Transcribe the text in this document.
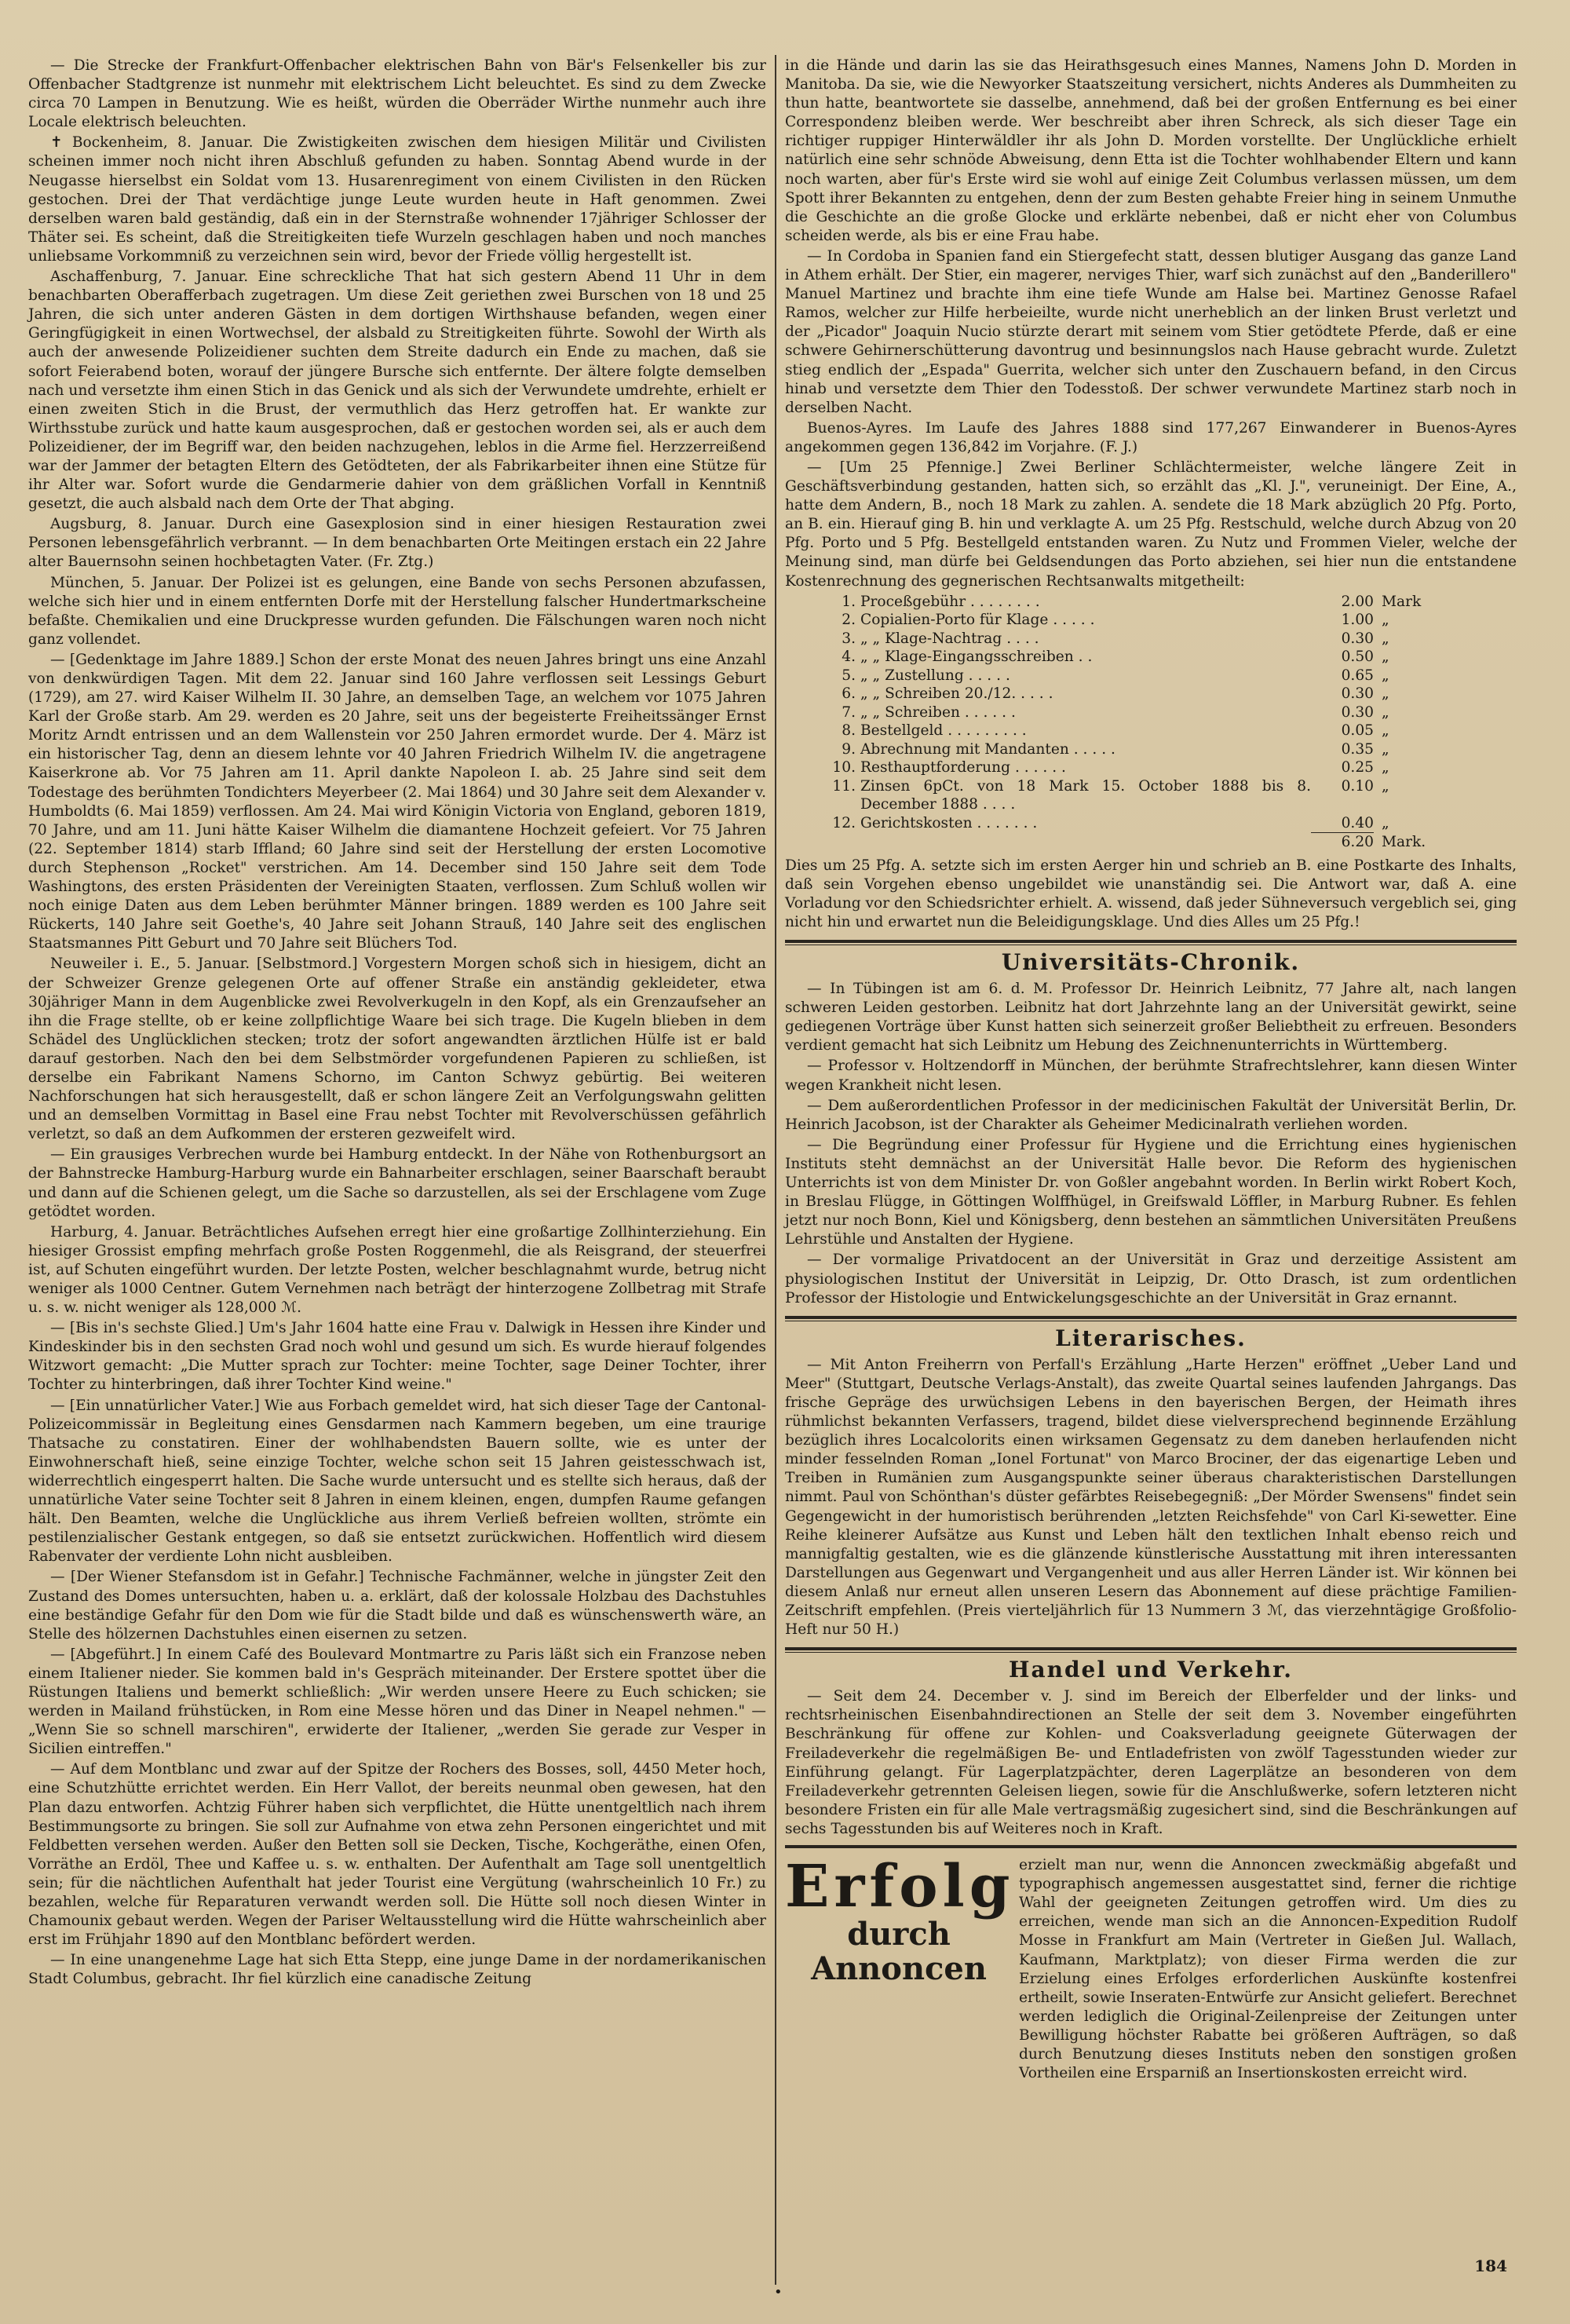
— Die Strecke der Frankfurt-Offenbacher elektrischen Bahn von Bär's Felsenkeller bis zur Offenbacher Stadtgrenze ist nunmehr mit elektrischem Licht beleuchtet. Es sind zu dem Zwecke circa 70 Lampen in Benutzung. Wie es heißt, würden die Oberräder Wirthe nunmehr auch ihre Locale elektrisch beleuchten.

✝ Bockenheim, 8. Januar. Die Zwistigkeiten zwischen dem hiesigen Militär und Civilisten scheinen immer noch nicht ihren Abschluß gefunden zu haben. Sonntag Abend wurde in der Neugasse hierselbst ein Soldat vom 13. Husarenregiment von einem Civilisten in den Rücken gestochen. Drei der That verdächtige junge Leute wurden heute in Haft genommen. Zwei derselben waren bald geständig, daß ein in der Sternstraße wohnender 17jähriger Schlosser der Thäter sei. Es scheint, daß die Streitigkeiten tiefe Wurzeln geschlagen haben und noch manches unliebsame Vorkommniß zu verzeichnen sein wird, bevor der Friede völlig hergestellt ist.

Aschaffenburg, 7. Januar. Eine schreckliche That hat sich gestern Abend 11 Uhr in dem benachbarten Oberafferbach zugetragen. Um diese Zeit geriethen zwei Burschen von 18 und 25 Jahren, die sich unter anderen Gästen in dem dortigen Wirthshause befanden, wegen einer Geringfügigkeit in einen Wortwechsel, der alsbald zu Streitigkeiten führte. Sowohl der Wirth als auch der anwesende Polizeidiener suchten dem Streite dadurch ein Ende zu machen, daß sie sofort Feierabend boten, worauf der jüngere Bursche sich entfernte. Der ältere folgte demselben nach und versetzte ihm einen Stich in das Genick und als sich der Verwundete umdrehte, erhielt er einen zweiten Stich in die Brust, der vermuthlich das Herz getroffen hat. Er wankte zur Wirthsstube zurück und hatte kaum ausgesprochen, daß er gestochen worden sei, als er auch dem Polizeidiener, der im Begriff war, den beiden nachzugehen, leblos in die Arme fiel. Herzzerreißend war der Jammer der betagten Eltern des Getödteten, der als Fabrikarbeiter ihnen eine Stütze für ihr Alter war. Sofort wurde die Gendarmerie dahier von dem gräßlichen Vorfall in Kenntniß gesetzt, die auch alsbald nach dem Orte der That abging.

Augsburg, 8. Januar. Durch eine Gasexplosion sind in einer hiesigen Restauration zwei Personen lebensgefährlich verbrannt. — In dem benachbarten Orte Meitingen erstach ein 22 Jahre alter Bauernsohn seinen hochbetagten Vater. (Fr. Ztg.)

München, 5. Januar. Der Polizei ist es gelungen, eine Bande von sechs Personen abzufassen, welche sich hier und in einem entfernten Dorfe mit der Herstellung falscher Hundertmarkscheine befaßte. Chemikalien und eine Druckpresse wurden gefunden. Die Fälschungen waren noch nicht ganz vollendet.

— [Gedenktage im Jahre 1889.] Schon der erste Monat des neuen Jahres bringt uns eine Anzahl von denkwürdigen Tagen. Mit dem 22. Januar sind 160 Jahre verflossen seit Lessings Geburt (1729), am 27. wird Kaiser Wilhelm II. 30 Jahre, an demselben Tage, an welchem vor 1075 Jahren Karl der Große starb. Am 29. werden es 20 Jahre, seit uns der begeisterte Freiheitssänger Ernst Moritz Arndt entrissen und an dem Wallenstein vor 250 Jahren ermordet wurde. Der 4. März ist ein historischer Tag, denn an diesem lehnte vor 40 Jahren Friedrich Wilhelm IV. die angetragene Kaiserkrone ab. Vor 75 Jahren am 11. April dankte Napoleon I. ab. 25 Jahre sind seit dem Todestage des berühmten Tondichters Meyerbeer (2. Mai 1864) und 30 Jahre seit dem Alexander v. Humboldts (6. Mai 1859) verflossen. Am 24. Mai wird Königin Victoria von England, geboren 1819, 70 Jahre, und am 11. Juni hätte Kaiser Wilhelm die diamantene Hochzeit gefeiert. Vor 75 Jahren (22. September 1814) starb Iffland; 60 Jahre sind seit der Herstellung der ersten Locomotive durch Stephenson „Rocket" verstrichen. Am 14. December sind 150 Jahre seit dem Tode Washingtons, des ersten Präsidenten der Vereinigten Staaten, verflossen. Zum Schluß wollen wir noch einige Daten aus dem Leben berühmter Männer bringen. 1889 werden es 100 Jahre seit Rückerts, 140 Jahre seit Goethe's, 40 Jahre seit Johann Strauß, 140 Jahre seit des englischen Staatsmannes Pitt Geburt und 70 Jahre seit Blüchers Tod.

Neuweiler i. E., 5. Januar. [Selbstmord.] Vorgestern Morgen schoß sich in hiesigem, dicht an der Schweizer Grenze gelegenen Orte auf offener Straße ein anständig gekleideter, etwa 30jähriger Mann in dem Augenblicke zwei Revolverkugeln in den Kopf, als ein Grenzaufseher an ihn die Frage stellte, ob er keine zollpflichtige Waare bei sich trage. Die Kugeln blieben in dem Schädel des Unglücklichen stecken; trotz der sofort angewandten ärztlichen Hülfe ist er bald darauf gestorben. Nach den bei dem Selbstmörder vorgefundenen Papieren zu schließen, ist derselbe ein Fabrikant Namens Schorno, im Canton Schwyz gebürtig. Bei weiteren Nachforschungen hat sich herausgestellt, daß er schon längere Zeit an Verfolgungswahn gelitten und an demselben Vormittag in Basel eine Frau nebst Tochter mit Revolverschüssen gefährlich verletzt, so daß an dem Aufkommen der ersteren gezweifelt wird.

— Ein grausiges Verbrechen wurde bei Hamburg entdeckt. In der Nähe von Rothenburgsort an der Bahnstrecke Hamburg-Harburg wurde ein Bahnarbeiter erschlagen, seiner Baarschaft beraubt und dann auf die Schienen gelegt, um die Sache so darzustellen, als sei der Erschlagene vom Zuge getödtet worden.

Harburg, 4. Januar. Beträchtliches Aufsehen erregt hier eine großartige Zollhinterziehung. Ein hiesiger Grossist empfing mehrfach große Posten Roggenmehl, die als Reisgrand, der steuerfrei ist, auf Schuten eingeführt wurden. Der letzte Posten, welcher beschlagnahmt wurde, betrug nicht weniger als 1000 Centner. Gutem Vernehmen nach beträgt der hinterzogene Zollbetrag mit Strafe u. s. w. nicht weniger als 128,000 ℳ.

— [Bis in's sechste Glied.] Um's Jahr 1604 hatte eine Frau v. Dalwigk in Hessen ihre Kinder und Kindeskinder bis in den sechsten Grad noch wohl und gesund um sich. Es wurde hierauf folgendes Witzwort gemacht: „Die Mutter sprach zur Tochter: meine Tochter, sage Deiner Tochter, ihrer Tochter zu hinterbringen, daß ihrer Tochter Kind weine."

— [Ein unnatürlicher Vater.] Wie aus Forbach gemeldet wird, hat sich dieser Tage der Cantonal-Polizeicommissär in Begleitung eines Gensdarmen nach Kammern begeben, um eine traurige Thatsache zu constatiren. Einer der wohlhabendsten Bauern sollte, wie es unter der Einwohnerschaft hieß, seine einzige Tochter, welche schon seit 15 Jahren geistesschwach ist, widerrechtlich eingesperrt halten. Die Sache wurde untersucht und es stellte sich heraus, daß der unnatürliche Vater seine Tochter seit 8 Jahren in einem kleinen, engen, dumpfen Raume gefangen hält. Den Beamten, welche die Unglückliche aus ihrem Verließ befreien wollten, strömte ein pestilenzialischer Gestank entgegen, so daß sie entsetzt zurückwichen. Hoffentlich wird diesem Rabenvater der verdiente Lohn nicht ausbleiben.

— [Der Wiener Stefansdom ist in Gefahr.] Technische Fachmänner, welche in jüngster Zeit den Zustand des Domes untersuchten, haben u. a. erklärt, daß der kolossale Holzbau des Dachstuhles eine beständige Gefahr für den Dom wie für die Stadt bilde und daß es wünschenswerth wäre, an Stelle des hölzernen Dachstuhles einen eisernen zu setzen.

— [Abgeführt.] In einem Café des Boulevard Montmartre zu Paris läßt sich ein Franzose neben einem Italiener nieder. Sie kommen bald in's Gespräch miteinander. Der Erstere spottet über die Rüstungen Italiens und bemerkt schließlich: „Wir werden unsere Heere zu Euch schicken; sie werden in Mailand frühstücken, in Rom eine Messe hören und das Diner in Neapel nehmen." — „Wenn Sie so schnell marschiren", erwiderte der Italiener, „werden Sie gerade zur Vesper in Sicilien eintreffen."

— Auf dem Montblanc und zwar auf der Spitze der Rochers des Bosses, soll, 4450 Meter hoch, eine Schutzhütte errichtet werden. Ein Herr Vallot, der bereits neunmal oben gewesen, hat den Plan dazu entworfen. Achtzig Führer haben sich verpflichtet, die Hütte unentgeltlich nach ihrem Bestimmungsorte zu bringen. Sie soll zur Aufnahme von etwa zehn Personen eingerichtet und mit Feldbetten versehen werden. Außer den Betten soll sie Decken, Tische, Kochgeräthe, einen Ofen, Vorräthe an Erdöl, Thee und Kaffee u. s. w. enthalten. Der Aufenthalt am Tage soll unentgeltlich sein; für die nächtlichen Aufenthalt hat jeder Tourist eine Vergütung (wahrscheinlich 10 Fr.) zu bezahlen, welche für Reparaturen verwandt werden soll. Die Hütte soll noch diesen Winter in Chamounix gebaut werden. Wegen der Pariser Weltausstellung wird die Hütte wahrscheinlich aber erst im Frühjahr 1890 auf den Montblanc befördert werden.

— In eine unangenehme Lage hat sich Etta Stepp, eine junge Dame in der nordamerikanischen Stadt Columbus, gebracht. Ihr fiel kürzlich eine canadische Zeitung

in die Hände und darin las sie das Heirathsgesuch eines Mannes, Namens John D. Morden in Manitoba. Da sie, wie die Newyorker Staatszeitung versichert, nichts Anderes als Dummheiten zu thun hatte, beantwortete sie dasselbe, annehmend, daß bei der großen Entfernung es bei einer Correspondenz bleiben werde. Wer beschreibt aber ihren Schreck, als sich dieser Tage ein richtiger ruppiger Hinterwäldler ihr als John D. Morden vorstellte. Der Unglückliche erhielt natürlich eine sehr schnöde Abweisung, denn Etta ist die Tochter wohlhabender Eltern und kann noch warten, aber für's Erste wird sie wohl auf einige Zeit Columbus verlassen müssen, um dem Spott ihrer Bekannten zu entgehen, denn der zum Besten gehabte Freier hing in seinem Unmuthe die Geschichte an die große Glocke und erklärte nebenbei, daß er nicht eher von Columbus scheiden werde, als bis er eine Frau habe.

— In Cordoba in Spanien fand ein Stiergefecht statt, dessen blutiger Ausgang das ganze Land in Athem erhält. Der Stier, ein magerer, nerviges Thier, warf sich zunächst auf den „Banderillero" Manuel Martinez und brachte ihm eine tiefe Wunde am Halse bei. Martinez Genosse Rafael Ramos, welcher zur Hilfe herbeieilte, wurde nicht unerheblich an der linken Brust verletzt und der „Picador" Joaquin Nucio stürzte derart mit seinem vom Stier getödtete Pferde, daß er eine schwere Gehirnerschütterung davontrug und besinnungslos nach Hause gebracht wurde. Zuletzt stieg endlich der „Espada" Guerrita, welcher sich unter den Zuschauern befand, in den Circus hinab und versetzte dem Thier den Todesstoß. Der schwer verwundete Martinez starb noch in derselben Nacht.

Buenos-Ayres. Im Laufe des Jahres 1888 sind 177,267 Einwanderer in Buenos-Ayres angekommen gegen 136,842 im Vorjahre. (F. J.)

— [Um 25 Pfennige.] Zwei Berliner Schlächtermeister, welche längere Zeit in Geschäftsverbindung gestanden, hatten sich, so erzählt das „Kl. J.", veruneinigt. Der Eine, A., hatte dem Andern, B., noch 18 Mark zu zahlen. A. sendete die 18 Mark abzüglich 20 Pfg. Porto, an B. ein. Hierauf ging B. hin und verklagte A. um 25 Pfg. Restschuld, welche durch Abzug von 20 Pfg. Porto und 5 Pfg. Bestellgeld entstanden waren. Zu Nutz und Frommen Vieler, welche der Meinung sind, man dürfe bei Geldsendungen das Porto abziehen, sei hier nun die entstandene Kostenrechnung des gegnerischen Rechtsanwalts mitgetheilt:

1.	Proceßgebühr . . . . . . . .	2.00	Mark
2.	Copialien-Porto für Klage . . . . .	1.00	„
3.	„ „ Klage-Nachtrag . . . .	0.30	„
4.	„ „ Klage-Eingangsschreiben . .	0.50	„
5.	„ „ Zustellung . . . . .	0.65	„
6.	„ „ Schreiben 20./12. . . . .	0.30	„
7.	„ „ Schreiben . . . . . .	0.30	„
8.	Bestellgeld . . . . . . . . .	0.05	„
9.	Abrechnung mit Mandanten . . . . .	0.35	„
10.	Resthauptforderung . . . . . .	0.25	„
11.	Zinsen 6pCt. von 18 Mark 15. October 1888 bis 8. December 1888 . . . .	0.10	„
12.	Gerichtskosten . . . . . . .	0.40	„
		6.20	Mark.

Dies um 25 Pfg. A. setzte sich im ersten Aerger hin und schrieb an B. eine Postkarte des Inhalts, daß sein Vorgehen ebenso ungebildet wie unanständig sei. Die Antwort war, daß A. eine Vorladung vor den Schiedsrichter erhielt. A. wissend, daß jeder Sühneversuch vergeblich sei, ging nicht hin und erwartet nun die Beleidigungsklage. Und dies Alles um 25 Pfg.!

Universitäts-Chronik.

— In Tübingen ist am 6. d. M. Professor Dr. Heinrich Leibnitz, 77 Jahre alt, nach langen schweren Leiden gestorben. Leibnitz hat dort Jahrzehnte lang an der Universität gewirkt, seine gediegenen Vorträge über Kunst hatten sich seinerzeit großer Beliebtheit zu erfreuen. Besonders verdient gemacht hat sich Leibnitz um Hebung des Zeichnenunterrichts in Württemberg.

— Professor v. Holtzendorff in München, der berühmte Strafrechtslehrer, kann diesen Winter wegen Krankheit nicht lesen.

— Dem außerordentlichen Professor in der medicinischen Fakultät der Universität Berlin, Dr. Heinrich Jacobson, ist der Charakter als Geheimer Medicinalrath verliehen worden.

— Die Begründung einer Professur für Hygiene und die Errichtung eines hygienischen Instituts steht demnächst an der Universität Halle bevor. Die Reform des hygienischen Unterrichts ist von dem Minister Dr. von Goßler angebahnt worden. In Berlin wirkt Robert Koch, in Breslau Flügge, in Göttingen Wolffhügel, in Greifswald Löffler, in Marburg Rubner. Es fehlen jetzt nur noch Bonn, Kiel und Königsberg, denn bestehen an sämmtlichen Universitäten Preußens Lehrstühle und Anstalten der Hygiene.

— Der vormalige Privatdocent an der Universität in Graz und derzeitige Assistent am physiologischen Institut der Universität in Leipzig, Dr. Otto Drasch, ist zum ordentlichen Professor der Histologie und Entwickelungsgeschichte an der Universität in Graz ernannt.

Literarisches.

— Mit Anton Freiherrn von Perfall's Erzählung „Harte Herzen" eröffnet „Ueber Land und Meer" (Stuttgart, Deutsche Verlags-Anstalt), das zweite Quartal seines laufenden Jahrgangs. Das frische Gepräge des urwüchsigen Lebens in den bayerischen Bergen, der Heimath ihres rühmlichst bekannten Verfassers, tragend, bildet diese vielversprechend beginnende Erzählung bezüglich ihres Localcolorits einen wirksamen Gegensatz zu dem daneben herlaufenden nicht minder fesselnden Roman „Ionel Fortunat" von Marco Brociner, der das eigenartige Leben und Treiben in Rumänien zum Ausgangspunkte seiner überaus charakteristischen Darstellungen nimmt. Paul von Schönthan's düster gefärbtes Reisebegegniß: „Der Mörder Swensens" findet sein Gegengewicht in der humoristisch berührenden „letzten Reichsfehde" von Carl Ki-sewetter. Eine Reihe kleinerer Aufsätze aus Kunst und Leben hält den textlichen Inhalt ebenso reich und mannigfaltig gestalten, wie es die glänzende künstlerische Ausstattung mit ihren interessanten Darstellungen aus Gegenwart und Vergangenheit und aus aller Herren Länder ist. Wir können bei diesem Anlaß nur erneut allen unseren Lesern das Abonnement auf diese prächtige Familien-Zeitschrift empfehlen. (Preis vierteljährlich für 13 Nummern 3 ℳ, das vierzehntägige Großfolio-Heft nur 50 H.)

Handel und Verkehr.

— Seit dem 24. December v. J. sind im Bereich der Elberfelder und der links- und rechtsrheinischen Eisenbahndirectionen an Stelle der seit dem 3. November eingeführten Beschränkung für offene zur Kohlen- und Coaksverladung geeignete Güterwagen der Freiladeverkehr die regelmäßigen Be- und Entladefristen von zwölf Tagesstunden wieder zur Einführung gelangt. Für Lagerplatzpächter, deren Lagerplätze an besonderen von dem Freiladeverkehr getrennten Geleisen liegen, sowie für die Anschlußwerke, sofern letzteren nicht besondere Fristen ein für alle Male vertragsmäßig zugesichert sind, sind die Beschränkungen auf sechs Tagesstunden bis auf Weiteres noch in Kraft.

Erfolg
durch Annoncen
erzielt man nur, wenn die Annoncen zweckmäßig abgefaßt und typographisch angemessen ausgestattet sind, ferner die richtige Wahl der geeigneten Zeitungen getroffen wird. Um dies zu erreichen, wende man sich an die Annoncen-Expedition Rudolf Mosse in Frankfurt am Main (Vertreter in Gießen Jul. Wallach, Kaufmann, Marktplatz); von dieser Firma werden die zur Erzielung eines Erfolges erforderlichen Auskünfte kostenfrei ertheilt, sowie Inseraten-Entwürfe zur Ansicht geliefert. Berechnet werden lediglich die Original-Zeilenpreise der Zeitungen unter Bewilligung höchster Rabatte bei größeren Aufträgen, so daß durch Benutzung dieses Instituts neben den sonstigen großen Vortheilen eine Ersparniß an Insertionskosten erreicht wird.
184
•
